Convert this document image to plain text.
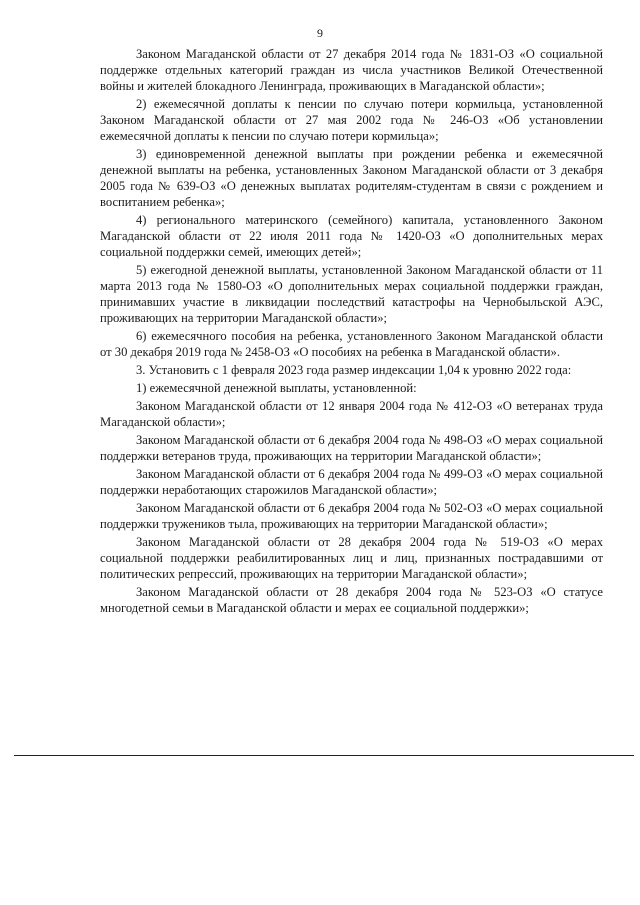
9

Законом Магаданской области от 27 декабря 2014 года № 1831-ОЗ «О социальной поддержке отдельных категорий граждан из числа участников Великой Отечественной войны и жителей блокадного Ленинграда, проживающих в Магаданской области»;

2) ежемесячной доплаты к пенсии по случаю потери кормильца, установленной Законом Магаданской области от 27 мая 2002 года № 246-ОЗ «Об установлении ежемесячной доплаты к пенсии по случаю потери кормильца»;

3) единовременной денежной выплаты при рождении ребенка и ежемесячной денежной выплаты на ребенка, установленных Законом Магаданской области от 3 декабря 2005 года № 639-ОЗ «О денежных выплатах родителям-студентам в связи с рождением и воспитанием ребенка»;

4) регионального материнского (семейного) капитала, установленного Законом Магаданской области от 22 июля 2011 года № 1420-ОЗ «О дополнительных мерах социальной поддержки семей, имеющих детей»;

5) ежегодной денежной выплаты, установленной Законом Магаданской области от 11 марта 2013 года № 1580-ОЗ «О дополнительных мерах социальной поддержки граждан, принимавших участие в ликвидации последствий катастрофы на Чернобыльской АЭС, проживающих на территории Магаданской области»;

6) ежемесячного пособия на ребенка, установленного Законом Магаданской области от 30 декабря 2019 года № 2458-ОЗ «О пособиях на ребенка в Магаданской области».

3. Установить с 1 февраля 2023 года размер индексации 1,04 к уровню 2022 года:

1) ежемесячной денежной выплаты, установленной:

Законом Магаданской области от 12 января 2004 года № 412-ОЗ «О ветеранах труда Магаданской области»;

Законом Магаданской области от 6 декабря 2004 года № 498-ОЗ «О мерах социальной поддержки ветеранов труда, проживающих на территории Магаданской области»;

Законом Магаданской области от 6 декабря 2004 года № 499-ОЗ «О мерах социальной поддержки неработающих старожилов Магаданской области»;

Законом Магаданской области от 6 декабря 2004 года № 502-ОЗ «О мерах социальной поддержки тружеников тыла, проживающих на территории Магаданской области»;

Законом Магаданской области от 28 декабря 2004 года № 519-ОЗ «О мерах социальной поддержки реабилитированных лиц и лиц, признанных пострадавшими от политических репрессий, проживающих на территории Магаданской области»;

Законом Магаданской области от 28 декабря 2004 года № 523-ОЗ «О статусе многодетной семьи в Магаданской области и мерах ее социальной поддержки»;
